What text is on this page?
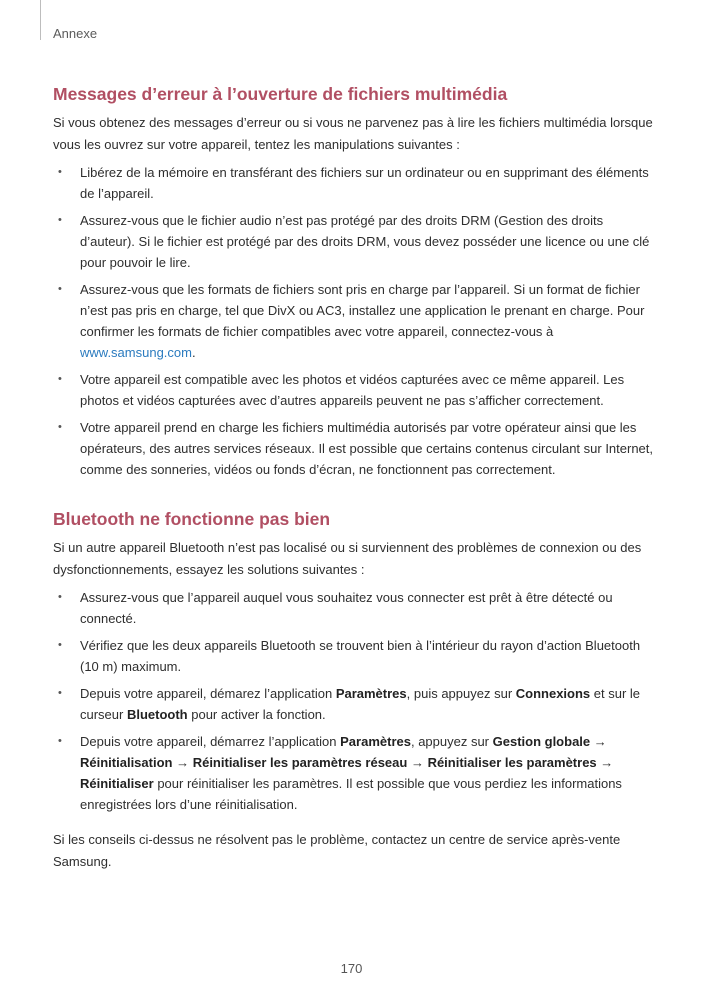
Annexe
Messages d’erreur à l’ouverture de fichiers multimédia

Si vous obtenez des messages d’erreur ou si vous ne parvenez pas à lire les fichiers multimédia lorsque vous les ouvrez sur votre appareil, tentez les manipulations suivantes :

• Libérez de la mémoire en transférant des fichiers sur un ordinateur ou en supprimant des éléments de l’appareil.
• Assurez-vous que le fichier audio n’est pas protégé par des droits DRM (Gestion des droits d’auteur). Si le fichier est protégé par des droits DRM, vous devez posséder une licence ou une clé pour pouvoir le lire.
• Assurez-vous que les formats de fichiers sont pris en charge par l’appareil. Si un format de fichier n’est pas pris en charge, tel que DivX ou AC3, installez une application le prenant en charge. Pour confirmer les formats de fichier compatibles avec votre appareil, connectez-vous à www.samsung.com.
• Votre appareil est compatible avec les photos et vidéos capturées avec ce même appareil. Les photos et vidéos capturées avec d’autres appareils peuvent ne pas s’afficher correctement.
• Votre appareil prend en charge les fichiers multimédia autorisés par votre opérateur ainsi que les opérateurs, des autres services réseaux. Il est possible que certains contenus circulant sur Internet, comme des sonneries, vidéos ou fonds d’écran, ne fonctionnent pas correctement.
Bluetooth ne fonctionne pas bien

Si un autre appareil Bluetooth n’est pas localisé ou si surviennent des problèmes de connexion ou des dysfonctionnements, essayez les solutions suivantes :

• Assurez-vous que l’appareil auquel vous souhaitez vous connecter est prêt à être détecté ou connecté.
• Vérifiez que les deux appareils Bluetooth se trouvent bien à l’intérieur du rayon d’action Bluetooth (10 m) maximum.
• Depuis votre appareil, démarez l’application Paramètres, puis appuyez sur Connexions et sur le curseur Bluetooth pour activer la fonction.
• Depuis votre appareil, démarrez l’application Paramètres, appuyez sur Gestion globale → Réinitialisation → Réinitialiser les paramètres réseau → Réinitialiser les paramètres → Réinitialiser pour réinitialiser les paramètres. Il est possible que vous perdiez les informations enregistrées lors d’une réinitialisation.

Si les conseils ci-dessus ne résolvent pas le problème, contactez un centre de service après-vente Samsung.

170
